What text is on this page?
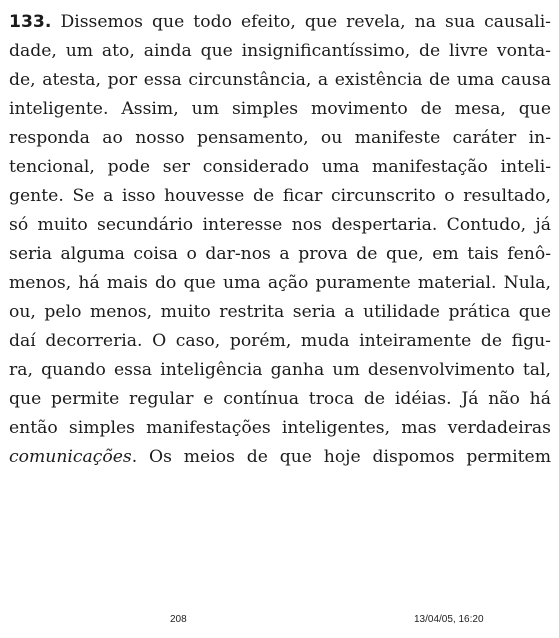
133. Dissemos que todo efeito, que revela, na sua causali-
dade, um ato, ainda que insignificantíssimo, de livre vonta-
de, atesta, por essa circunstância, a existência de uma causa
inteligente. Assim, um simples movimento de mesa, que
responda ao nosso pensamento, ou manifeste caráter in-
tencional, pode ser considerado uma manifestação inteli-
gente. Se a isso houvesse de ficar circunscrito o resultado,
só muito secundário interesse nos despertaria. Contudo, já
seria alguma coisa o dar-nos a prova de que, em tais fenô-
menos, há mais do que uma ação puramente material. Nula,
ou, pelo menos, muito restrita seria a utilidade prática que
daí decorreria. O caso, porém, muda inteiramente de figu-
ra, quando essa inteligência ganha um desenvolvimento tal,
que permite regular e contínua troca de idéias. Já não há
então simples manifestações inteligentes, mas verdadeiras
comunicações. Os meios de que hoje dispomos permitem
208	13/04/05, 16:20
